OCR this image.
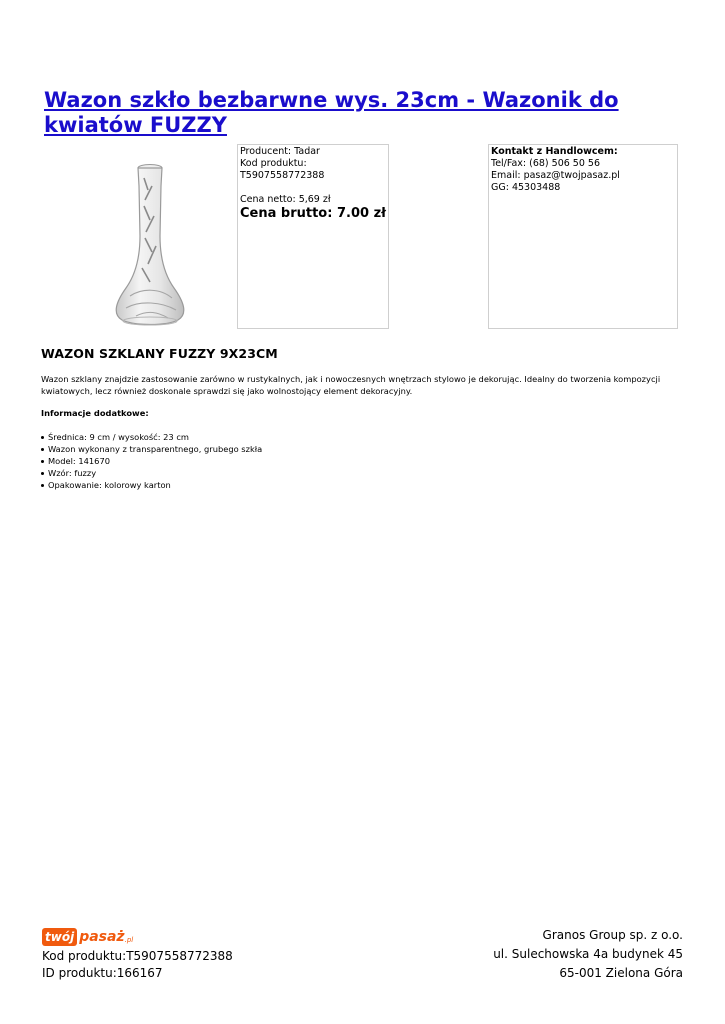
Wazon szkło bezbarwne wys. 23cm - Wazonik do kwiatów FUZZY
Producent: Tadar
Kod produktu: T5907558772388
Cena netto: 5,69 zł
Cena brutto: 7.00 zł
Kontakt z Handlowcem:
Tel/Fax: (68) 506 50 56
Email: pasaz@twojpasaz.pl
GG: 45303488
WAZON SZKLANY FUZZY 9X23CM

Wazon szklany znajdzie zastosowanie zarówno w rustykalnych, jak i nowoczesnych wnętrzach stylowo je dekorując. Idealny do tworzenia kompozycji kwiatowych, lecz również doskonale sprawdzi się jako wolnostojący element dekoracyjny.

Informacje dodatkowe:

Średnica: 9 cm / wysokość: 23 cm
Wazon wykonany z transparentnego, grubego szkła
Model: 141670
Wzór: fuzzy
Opakowanie: kolorowy karton
twój pasaż .pl
Kod produktu:T5907558772388
ID produktu:166167
Granos Group sp. z o.o.
ul. Sulechowska 4a budynek 45
65-001 Zielona Góra
